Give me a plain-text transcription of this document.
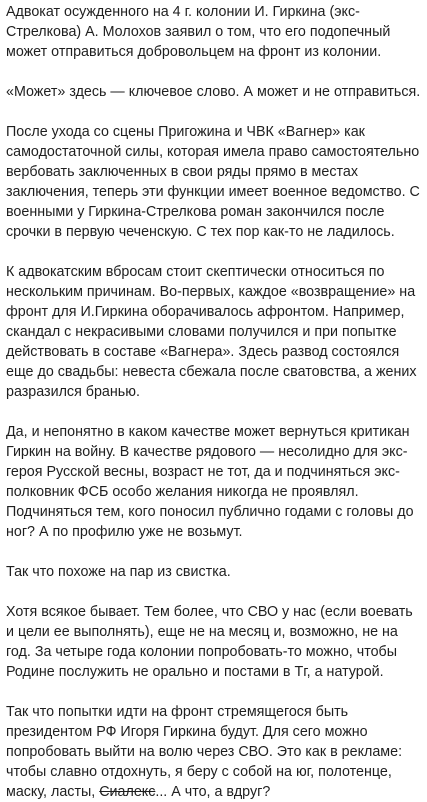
Адвокат осужденного на 4 г. колонии И. Гиркина (экс-Стрелкова) А. Молохов заявил о том, что его подопечный может отправиться добровольцем на фронт из колонии.

«Может» здесь — ключевое слово. А может и не отправиться.

После ухода со сцены Пригожина и ЧВК «Вагнер» как самодостаточной силы, которая имела право самостоятельно вербовать заключенных в свои ряды прямо в местах заключения, теперь эти функции имеет военное ведомство. С военными у Гиркина-Стрелкова роман закончился после срочки в первую чеченскую. С тех пор как-то не ладилось.

К адвокатским вбросам стоит скептически относиться по нескольким причинам. Во-первых, каждое «возвращение» на фронт для И.Гиркина оборачивалось афронтом. Например, скандал с некрасивыми словами получился и при попытке действовать в составе «Вагнера». Здесь развод состоялся еще до свадьбы: невеста сбежала после сватовства, а жених разразился бранью.

Да, и непонятно в каком качестве может вернуться критикан Гиркин на войну. В качестве рядового — несолидно для экс-героя Русской весны, возраст не тот, да и подчиняться экс-полковник ФСБ особо желания никогда не проявлял. Подчиняться тем, кого поносил публично годами с головы до ног? А по профилю уже не возьмут.

Так что похоже на пар из свистка.

Хотя всякое бывает. Тем более, что СВО у нас (если воевать и цели ее выполнять), еще не на месяц и, возможно, не на год. За четыре года колонии попробовать-то можно, чтобы Родине послужить не орально и постами в Тг, а натурой.

Так что попытки идти на фронт стремящегося быть президентом РФ Игоря Гиркина будут. Для сего можно попробовать выйти на волю через СВО. Это как в рекламе: чтобы славно отдохнуть, я беру с собой на юг, полотенце, маску, ласты, Сиалекс... А что, а вдруг?
